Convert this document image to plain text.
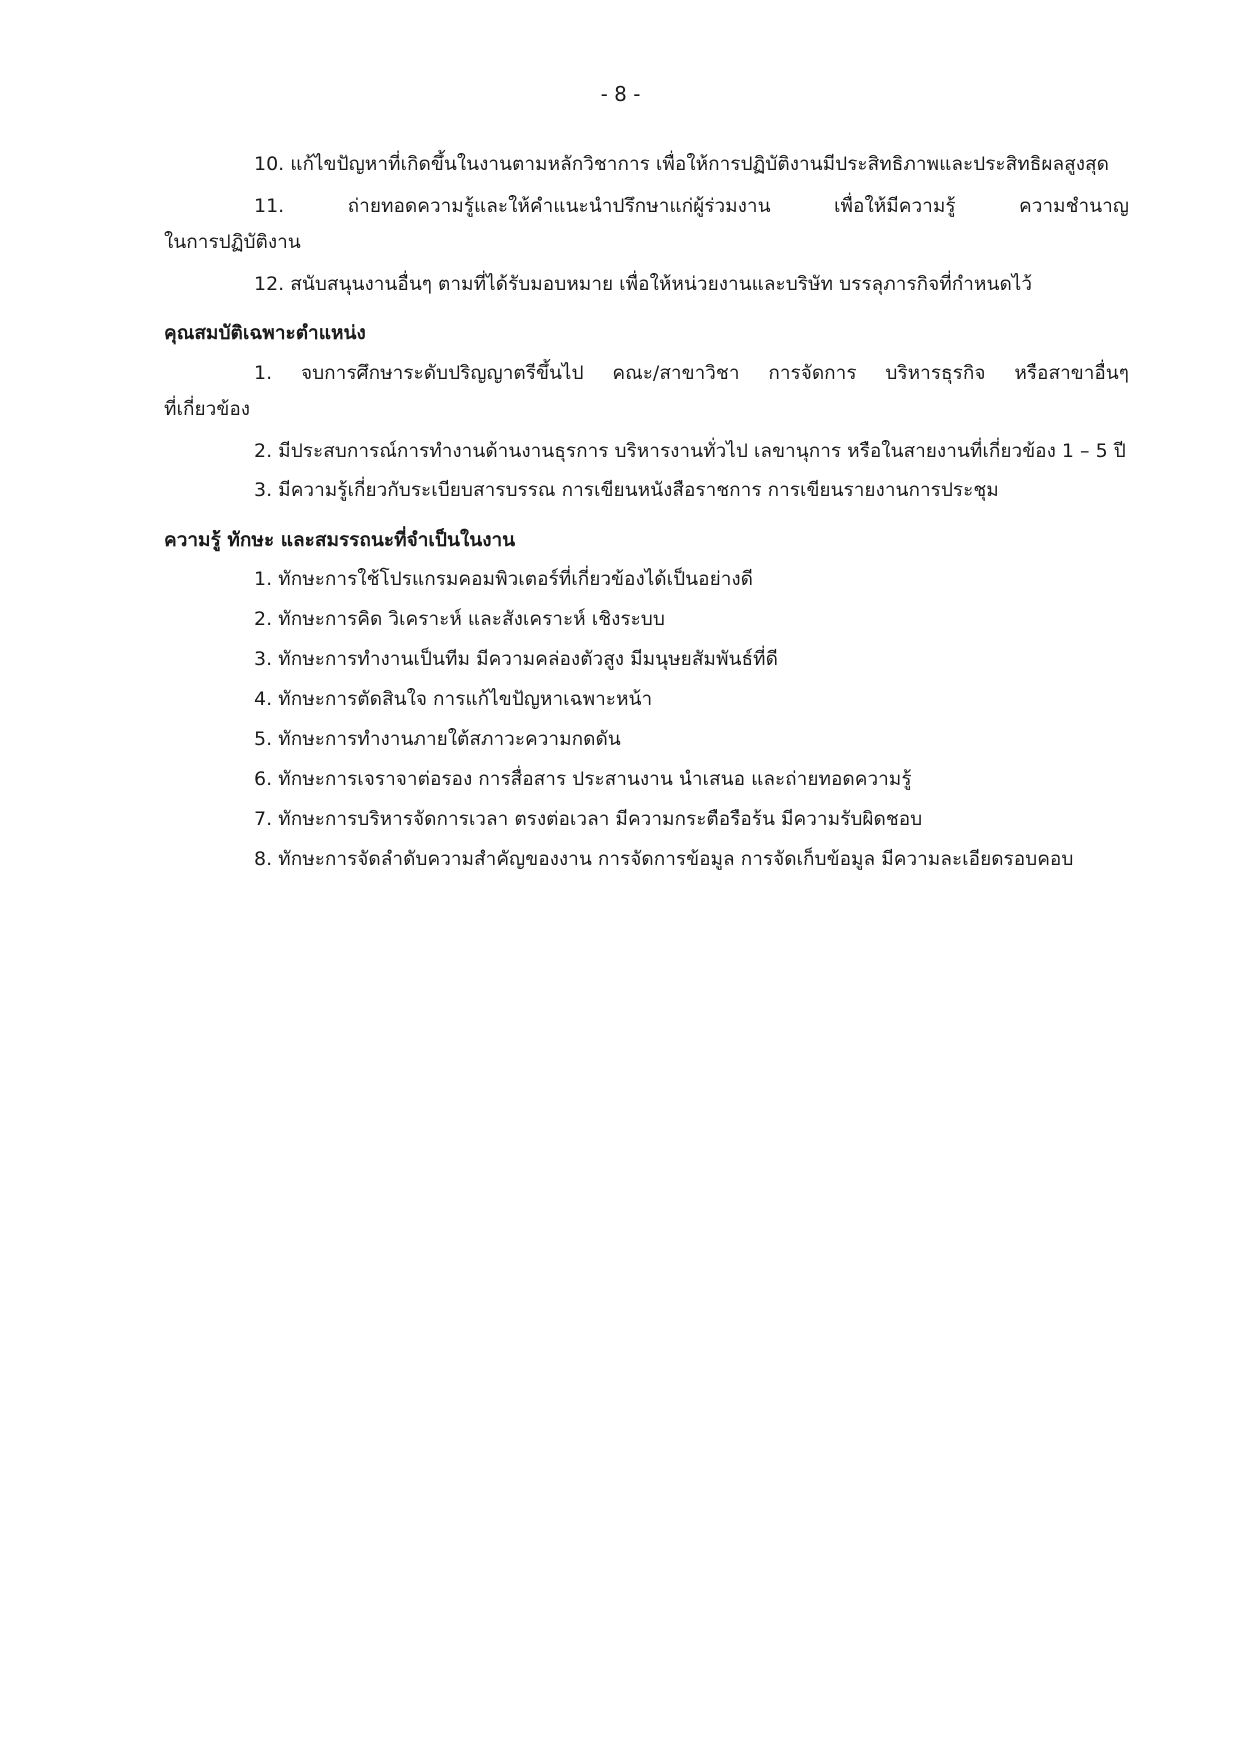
- 8 -
10. แก้ไขปัญหาที่เกิดขึ้นในงานตามหลักวิชาการ เพื่อให้การปฏิบัติงานมีประสิทธิภาพและประสิทธิผลสูงสุด
11. ถ่ายทอดความรู้และให้คำแนะนำปรึกษาแก่ผู้ร่วมงาน เพื่อให้มีความรู้ ความชำนาญ
ในการปฏิบัติงาน
12. สนับสนุนงานอื่นๆ ตามที่ได้รับมอบหมาย เพื่อให้หน่วยงานและบริษัท บรรลุภารกิจที่กำหนดไว้
คุณสมบัติเฉพาะตำแหน่ง
1. จบการศึกษาระดับปริญญาตรีขึ้นไป คณะ/สาขาวิชา การจัดการ บริหารธุรกิจ หรือสาขาอื่นๆ
ที่เกี่ยวข้อง
2. มีประสบการณ์การทำงานด้านงานธุรการ บริหารงานทั่วไป เลขานุการ หรือในสายงานที่เกี่ยวข้อง 1 – 5 ปี
3. มีความรู้เกี่ยวกับระเบียบสารบรรณ การเขียนหนังสือราชการ การเขียนรายงานการประชุม
ความรู้ ทักษะ และสมรรถนะที่จำเป็นในงาน
1. ทักษะการใช้โปรแกรมคอมพิวเตอร์ที่เกี่ยวข้องได้เป็นอย่างดี
2. ทักษะการคิด วิเคราะห์ และสังเคราะห์ เชิงระบบ
3. ทักษะการทำงานเป็นทีม มีความคล่องตัวสูง มีมนุษยสัมพันธ์ที่ดี
4. ทักษะการตัดสินใจ การแก้ไขปัญหาเฉพาะหน้า
5. ทักษะการทำงานภายใต้สภาวะความกดดัน
6. ทักษะการเจราจาต่อรอง การสื่อสาร ประสานงาน นำเสนอ และถ่ายทอดความรู้
7. ทักษะการบริหารจัดการเวลา ตรงต่อเวลา มีความกระตือรือร้น มีความรับผิดชอบ
8. ทักษะการจัดลำดับความสำคัญของงาน การจัดการข้อมูล การจัดเก็บข้อมูล มีความละเอียดรอบคอบ
